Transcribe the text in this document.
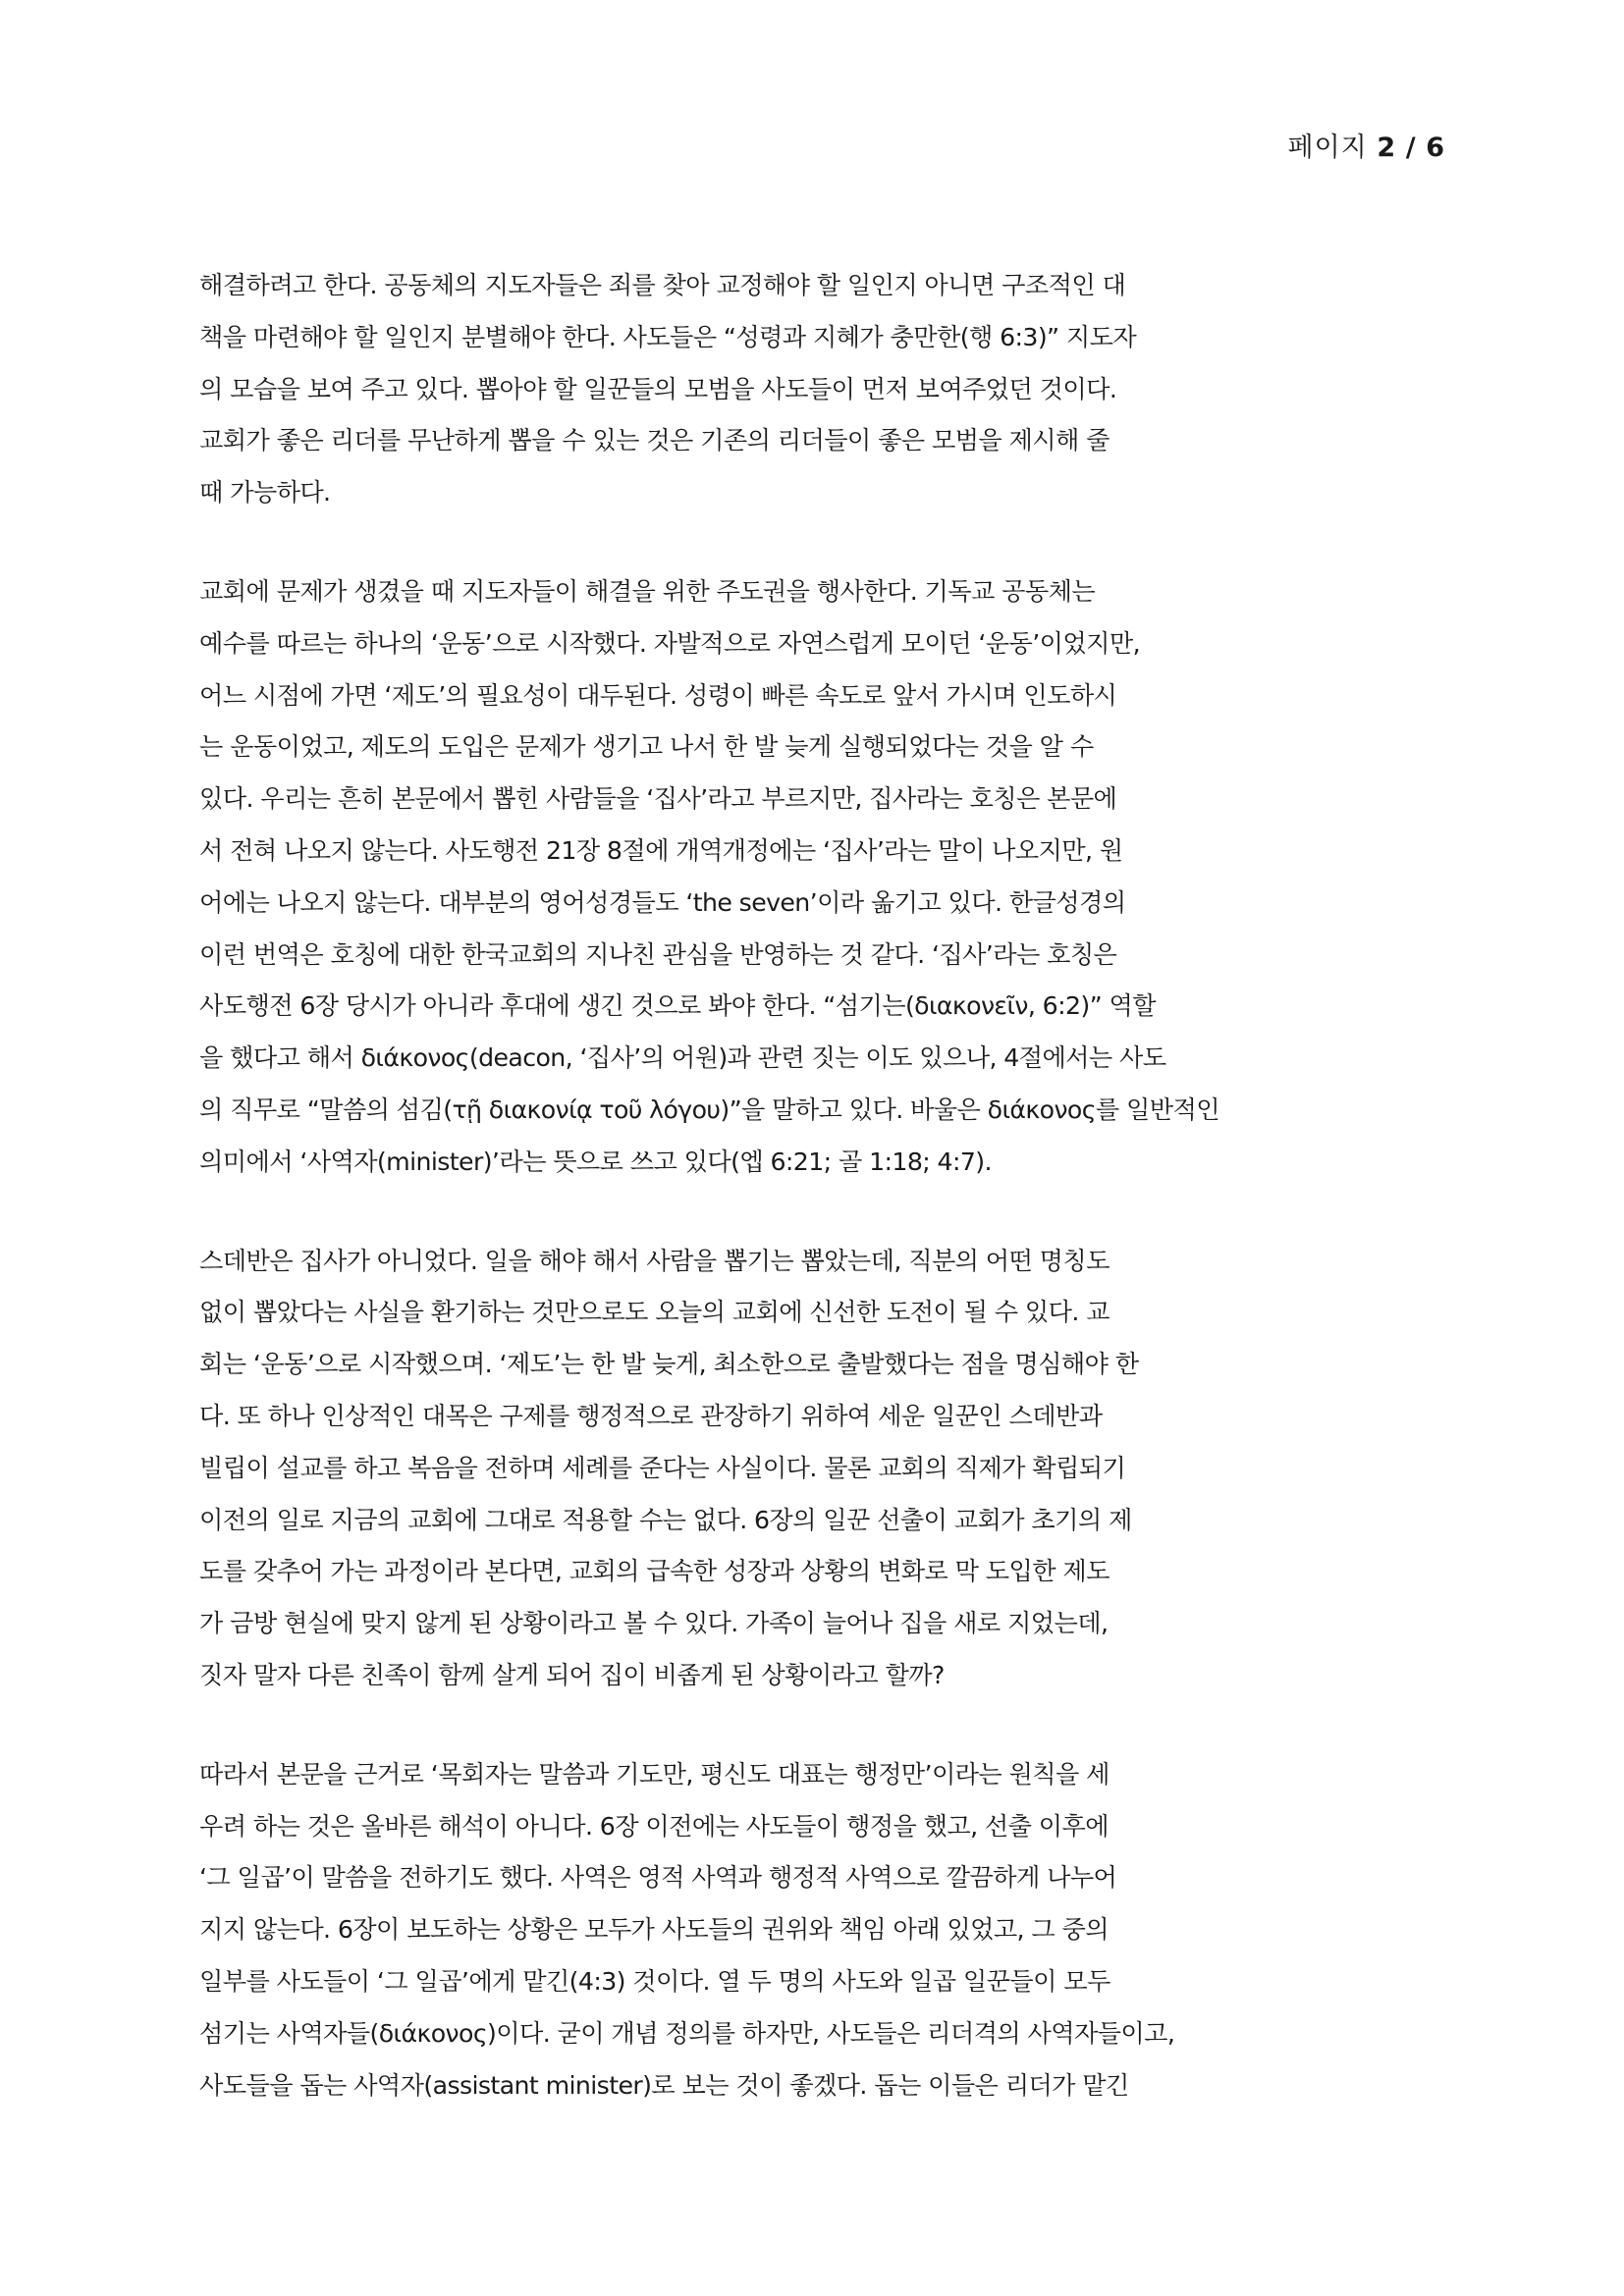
페이지 2 / 6

해결하려고 한다. 공동체의 지도자들은 죄를 찾아 교정해야 할 일인지 아니면 구조적인 대
책을 마련해야 할 일인지 분별해야 한다. 사도들은 “성령과 지혜가 충만한(행 6:3)” 지도자
의 모습을 보여 주고 있다. 뽑아야 할 일꾼들의 모범을 사도들이 먼저 보여주었던 것이다.
교회가 좋은 리더를 무난하게 뽑을 수 있는 것은 기존의 리더들이 좋은 모범을 제시해 줄
때 가능하다.

교회에 문제가 생겼을 때 지도자들이 해결을 위한 주도권을 행사한다. 기독교 공동체는
예수를 따르는 하나의 ‘운동’으로 시작했다. 자발적으로 자연스럽게 모이던 ‘운동’이었지만,
어느 시점에 가면 ‘제도’의 필요성이 대두된다. 성령이 빠른 속도로 앞서 가시며 인도하시
는 운동이었고, 제도의 도입은 문제가 생기고 나서 한 발 늦게 실행되었다는 것을 알 수
있다. 우리는 흔히 본문에서 뽑힌 사람들을 ‘집사’라고 부르지만, 집사라는 호칭은 본문에
서 전혀 나오지 않는다. 사도행전 21장 8절에 개역개정에는 ‘집사’라는 말이 나오지만, 원
어에는 나오지 않는다. 대부분의 영어성경들도 ‘the seven’이라 옮기고 있다. 한글성경의
이런 번역은 호칭에 대한 한국교회의 지나친 관심을 반영하는 것 같다. ‘집사’라는 호칭은
사도행전 6장 당시가 아니라 후대에 생긴 것으로 봐야 한다. “섬기는(διακονεῖν, 6:2)” 역할
을 했다고 해서 διάκονος(deacon, ‘집사’의 어원)과 관련 짓는 이도 있으나, 4절에서는 사도
의 직무로 “말씀의 섬김(τῇ διακονίᾳ τοῦ λόγου)”을 말하고 있다. 바울은 διάκονος를 일반적인
의미에서 ‘사역자(minister)’라는 뜻으로 쓰고 있다(엡 6:21; 골 1:18; 4:7).

스데반은 집사가 아니었다. 일을 해야 해서 사람을 뽑기는 뽑았는데, 직분의 어떤 명칭도
없이 뽑았다는 사실을 환기하는 것만으로도 오늘의 교회에 신선한 도전이 될 수 있다. 교
회는 ‘운동’으로 시작했으며. ‘제도’는 한 발 늦게, 최소한으로 출발했다는 점을 명심해야 한
다. 또 하나 인상적인 대목은 구제를 행정적으로 관장하기 위하여 세운 일꾼인 스데반과
빌립이 설교를 하고 복음을 전하며 세례를 준다는 사실이다. 물론 교회의 직제가 확립되기
이전의 일로 지금의 교회에 그대로 적용할 수는 없다. 6장의 일꾼 선출이 교회가 초기의 제
도를 갖추어 가는 과정이라 본다면, 교회의 급속한 성장과 상황의 변화로 막 도입한 제도
가 금방 현실에 맞지 않게 된 상황이라고 볼 수 있다. 가족이 늘어나 집을 새로 지었는데,
짓자 말자 다른 친족이 함께 살게 되어 집이 비좁게 된 상황이라고 할까?

따라서 본문을 근거로 ‘목회자는 말씀과 기도만, 평신도 대표는 행정만’이라는 원칙을 세
우려 하는 것은 올바른 해석이 아니다. 6장 이전에는 사도들이 행정을 했고, 선출 이후에
‘그 일곱’이 말씀을 전하기도 했다. 사역은 영적 사역과 행정적 사역으로 깔끔하게 나누어
지지 않는다. 6장이 보도하는 상황은 모두가 사도들의 권위와 책임 아래 있었고, 그 중의
일부를 사도들이 ‘그 일곱’에게 맡긴(4:3) 것이다. 열 두 명의 사도와 일곱 일꾼들이 모두
섬기는 사역자들(διάκονος)이다. 굳이 개념 정의를 하자만, 사도들은 리더격의 사역자들이고,
사도들을 돕는 사역자(assistant minister)로 보는 것이 좋겠다. 돕는 이들은 리더가 맡긴
